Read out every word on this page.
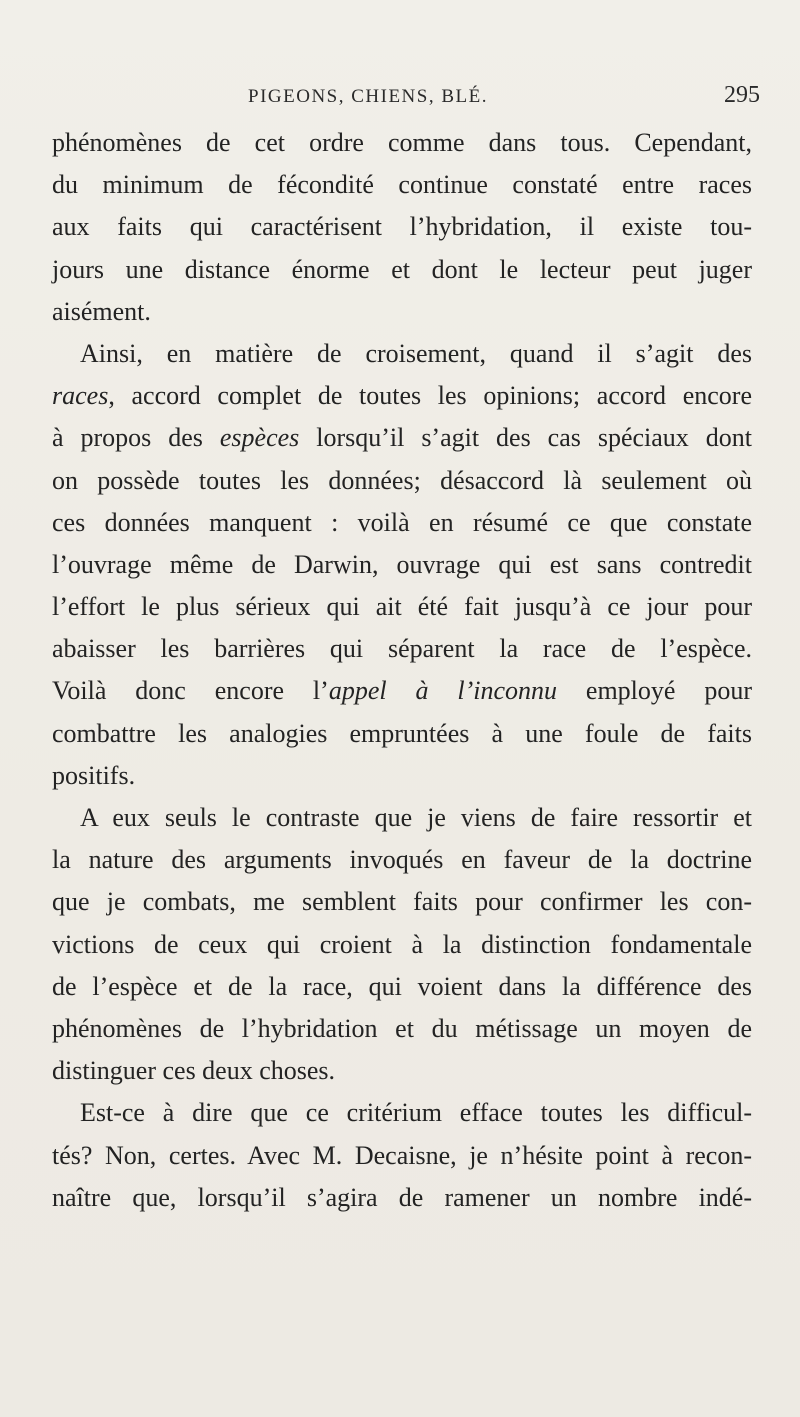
PIGEONS, CHIENS, BLÉ.	295
phénomènes de cet ordre comme dans tous. Cependant,
du minimum de fécondité continue constaté entre races
aux faits qui caractérisent l’hybridation, il existe tou-
jours une distance énorme et dont le lecteur peut juger
aisément.
Ainsi, en matière de croisement, quand il s’agit des
races, accord complet de toutes les opinions; accord encore
à propos des espèces lorsqu’il s’agit des cas spéciaux dont
on possède toutes les données; désaccord là seulement où
ces données manquent : voilà en résumé ce que constate
l’ouvrage même de Darwin, ouvrage qui est sans contredit
l’effort le plus sérieux qui ait été fait jusqu’à ce jour pour
abaisser les barrières qui séparent la race de l’espèce.
Voilà donc encore l’appel à l’inconnu employé pour
combattre les analogies empruntées à une foule de faits
positifs.
A eux seuls le contraste que je viens de faire ressortir et
la nature des arguments invoqués en faveur de la doctrine
que je combats, me semblent faits pour confirmer les con-
victions de ceux qui croient à la distinction fondamentale
de l’espèce et de la race, qui voient dans la différence des
phénomènes de l’hybridation et du métissage un moyen de
distinguer ces deux choses.
Est-ce à dire que ce critérium efface toutes les difficul-
tés? Non, certes. Avec M. Decaisne, je n’hésite point à recon-
naître que, lorsqu’il s’agira de ramener un nombre indé-
